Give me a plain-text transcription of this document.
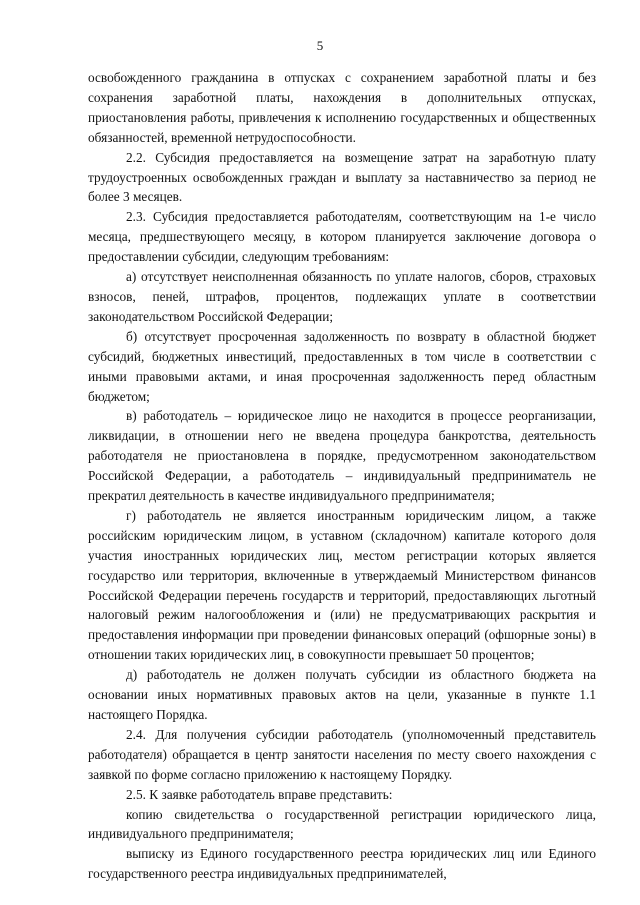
5

освобожденного гражданина в отпусках с сохранением заработной платы и без сохранения заработной платы, нахождения в дополнительных отпусках, приостановления работы, привлечения к исполнению государственных и общественных обязанностей, временной нетрудоспособности.

2.2. Субсидия предоставляется на возмещение затрат на заработную плату трудоустроенных освобожденных граждан и выплату за наставничество за период не более 3 месяцев.

2.3. Субсидия предоставляется работодателям, соответствующим на 1-е число месяца, предшествующего месяцу, в котором планируется заключение договора о предоставлении субсидии, следующим требованиям:

а) отсутствует неисполненная обязанность по уплате налогов, сборов, страховых взносов, пеней, штрафов, процентов, подлежащих уплате в соответствии законодательством Российской Федерации;

б) отсутствует просроченная задолженность по возврату в областной бюджет субсидий, бюджетных инвестиций, предоставленных в том числе в соответствии с иными правовыми актами, и иная просроченная задолженность перед областным бюджетом;

в) работодатель – юридическое лицо не находится в процессе реорганизации, ликвидации, в отношении него не введена процедура банкротства, деятельность работодателя не приостановлена в порядке, предусмотренном законодательством Российской Федерации, а работодатель – индивидуальный предприниматель не прекратил деятельность в качестве индивидуального предпринимателя;

г) работодатель не является иностранным юридическим лицом, а также российским юридическим лицом, в уставном (складочном) капитале которого доля участия иностранных юридических лиц, местом регистрации которых является государство или территория, включенные в утверждаемый Министерством финансов Российской Федерации перечень государств и территорий, предоставляющих льготный налоговый режим налогообложения и (или) не предусматривающих раскрытия и предоставления информации при проведении финансовых операций (офшорные зоны) в отношении таких юридических лиц, в совокупности превышает 50 процентов;

д) работодатель не должен получать субсидии из областного бюджета на основании иных нормативных правовых актов на цели, указанные в пункте 1.1 настоящего Порядка.

2.4. Для получения субсидии работодатель (уполномоченный представитель работодателя) обращается в центр занятости населения по месту своего нахождения с заявкой по форме согласно приложению к настоящему Порядку.

2.5. К заявке работодатель вправе представить:

копию свидетельства о государственной регистрации юридического лица, индивидуального предпринимателя;

выписку из Единого государственного реестра юридических лиц или Единого государственного реестра индивидуальных предпринимателей,
